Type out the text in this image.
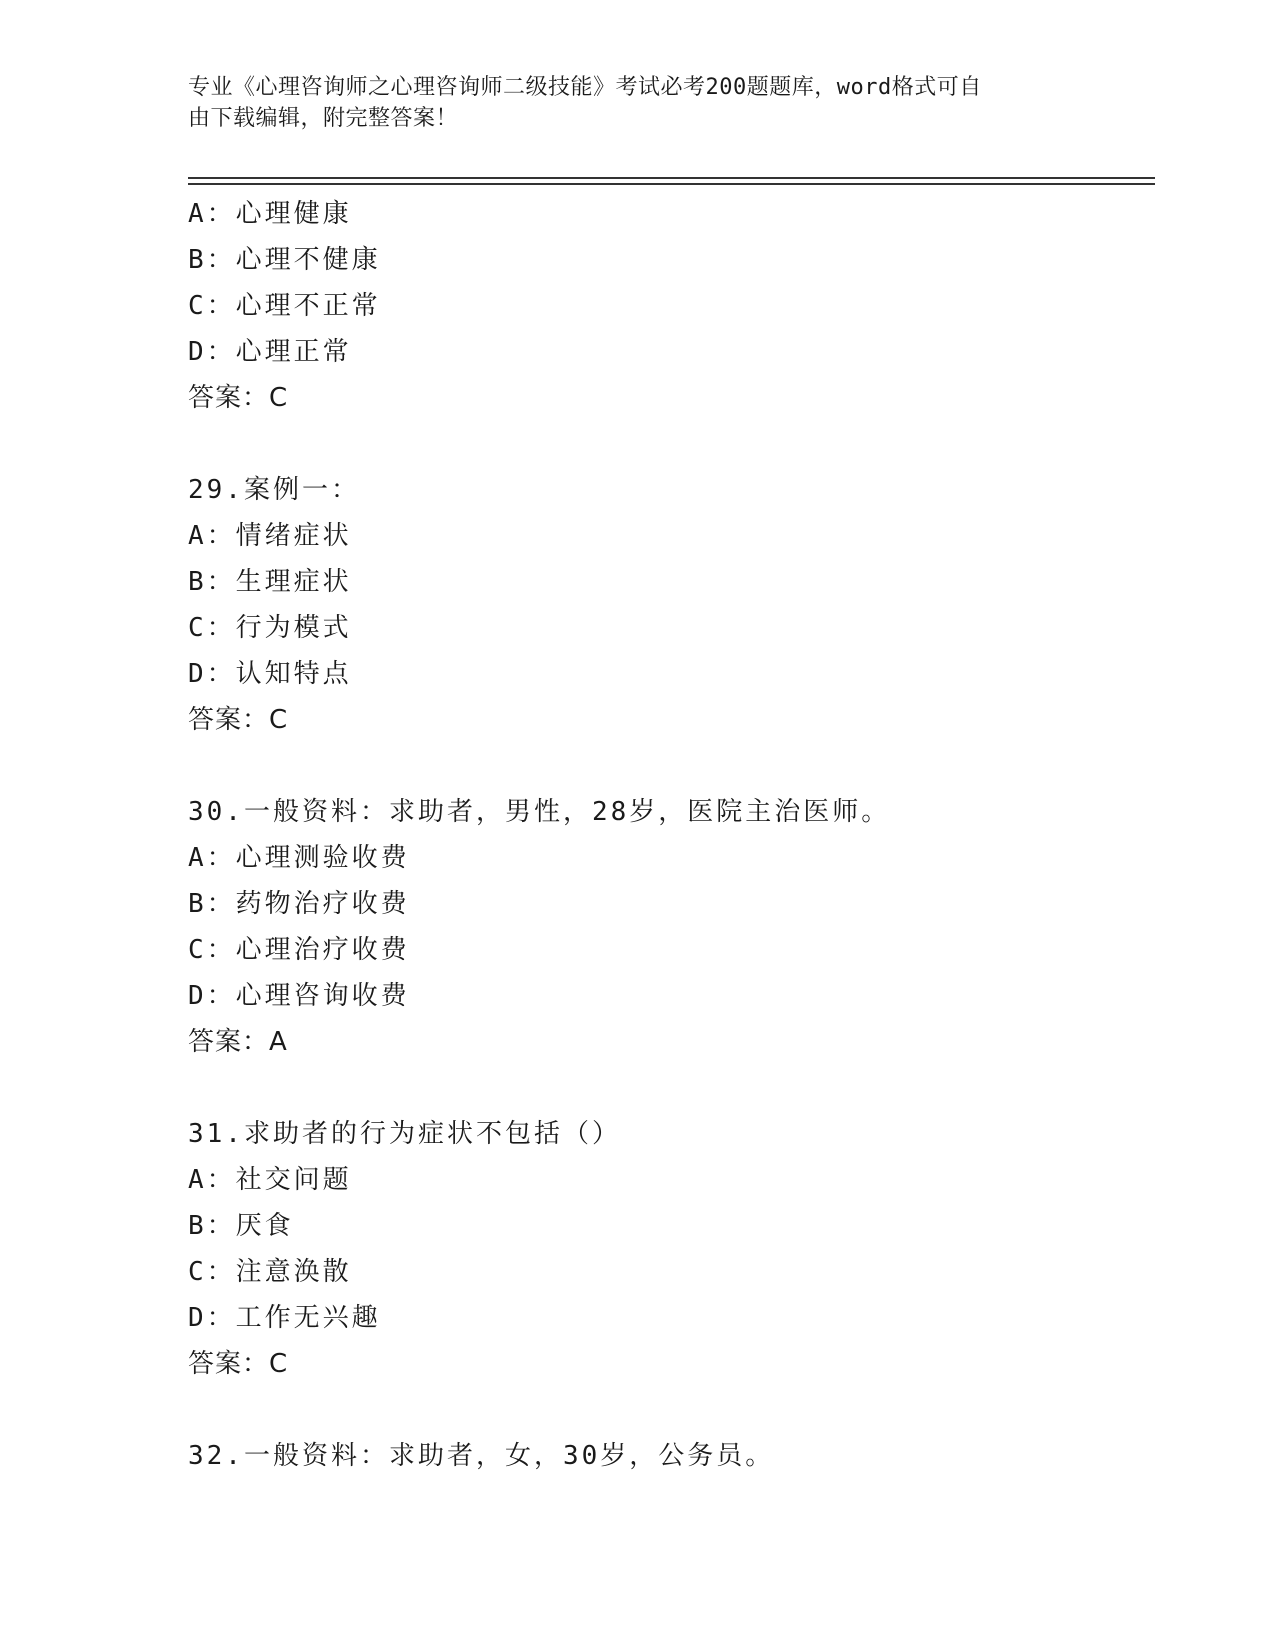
专业《心理咨询师之心理咨询师二级技能》考试必考200题题库，word格式可自
由下载编辑，附完整答案！
A：心理健康
B：心理不健康
C：心理不正常
D：心理正常
答案：C
29.案例一：
A：情绪症状
B：生理症状
C：行为模式
D：认知特点
答案：C
30.一般资料：求助者，男性，28岁，医院主治医师。
A：心理测验收费
B：药物治疗收费
C：心理治疗收费
D：心理咨询收费
答案：A
31.求助者的行为症状不包括（）
A：社交问题
B：厌食
C：注意涣散
D：工作无兴趣
答案：C
32.一般资料：求助者，女，30岁，公务员。
